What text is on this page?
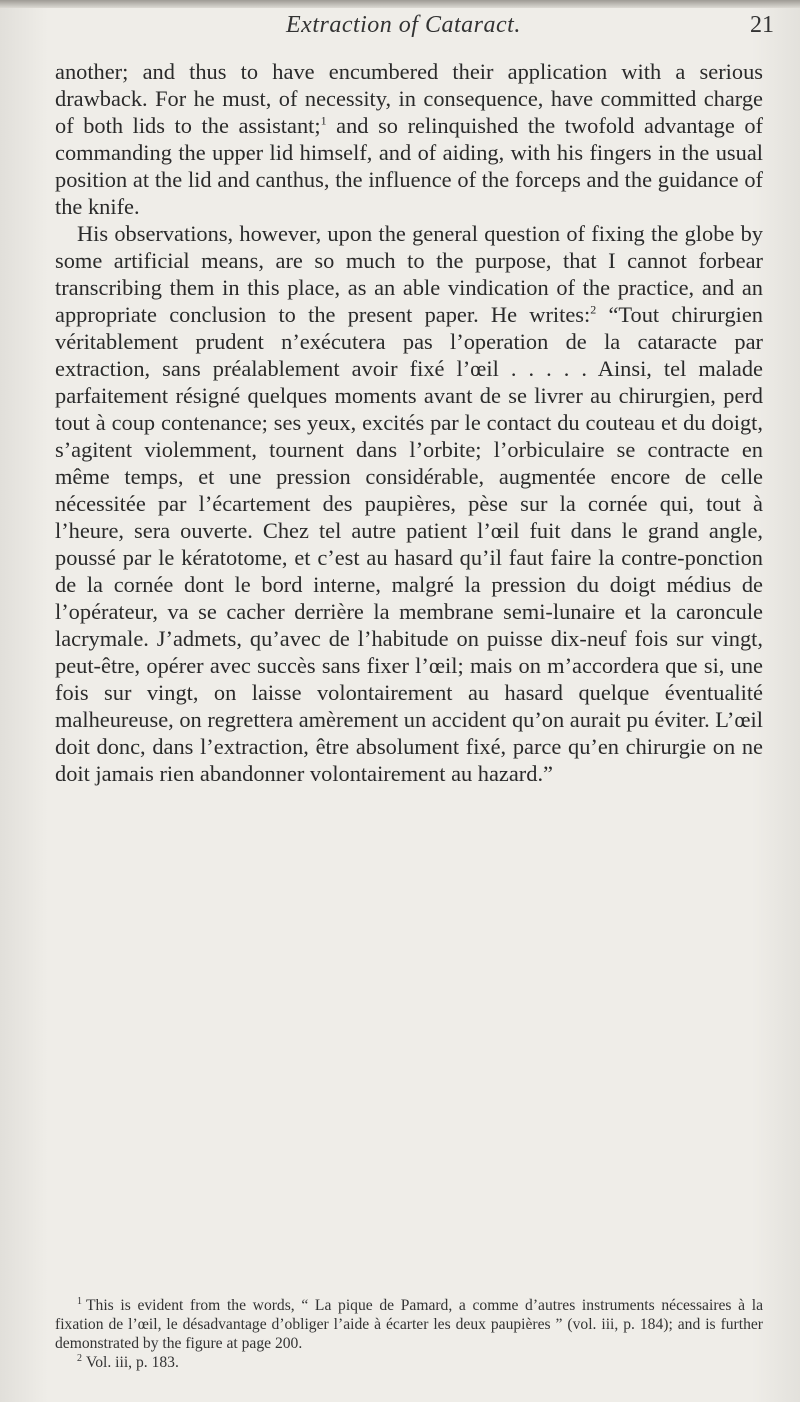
Extraction of Cataract.	21

another; and thus to have encumbered their application with a serious drawback. For he must, of necessity, in consequence, have committed charge of both lids to the assistant;$^1$ and so relinquished the twofold advantage of commanding the upper lid himself, and of aiding, with his fingers in the usual position at the lid and canthus, the influence of the forceps and the guidance of the knife.

His observations, however, upon the general question of fixing the globe by some artificial means, are so much to the purpose, that I cannot forbear transcribing them in this place, as an able vindication of the practice, and an appropriate conclusion to the present paper. He writes:$^2$ “Tout chirurgien véritablement prudent n’exécutera pas l’operation de la cataracte par extraction, sans préalablement avoir fixé l’œil . . . . . Ainsi, tel malade parfaitement résigné quelques moments avant de se livrer au chirurgien, perd tout à coup contenance; ses yeux, excités par le contact du couteau et du doigt, s’agitent violemment, tournent dans l’orbite; l’orbiculaire se contracte en même temps, et une pression considérable, augmentée encore de celle nécessitée par l’écartement des paupières, pèse sur la cornée qui, tout à l’heure, sera ouverte. Chez tel autre patient l’œil fuit dans le grand angle, poussé par le kératotome, et c’est au hasard qu’il faut faire la contre-ponction de la cornée dont le bord interne, malgré la pression du doigt médius de l’opérateur, va se cacher derrière la membrane semi-lunaire et la caroncule lacrymale. J’admets, qu’avec de l’habitude on puisse dix-neuf fois sur vingt, peut-être, opérer avec succès sans fixer l’œil; mais on m’accordera que si, une fois sur vingt, on laisse volontairement au hasard quelque éventualité malheureuse, on regrettera amèrement un accident qu’on aurait pu éviter. L’œil doit donc, dans l’extraction, être absolument fixé, parce qu’en chirurgie on ne doit jamais rien abandonner volontairement au hazard.”

$^1$ This is evident from the words, “ La pique de Pamard, a comme d’autres instruments nécessaires à la fixation de l’œil, le désadvantage d’obliger l’aide à écarter les deux paupières ” (vol. iii, p. 184); and is further demonstrated by the figure at page 200.

$^2$ Vol. iii, p. 183.
